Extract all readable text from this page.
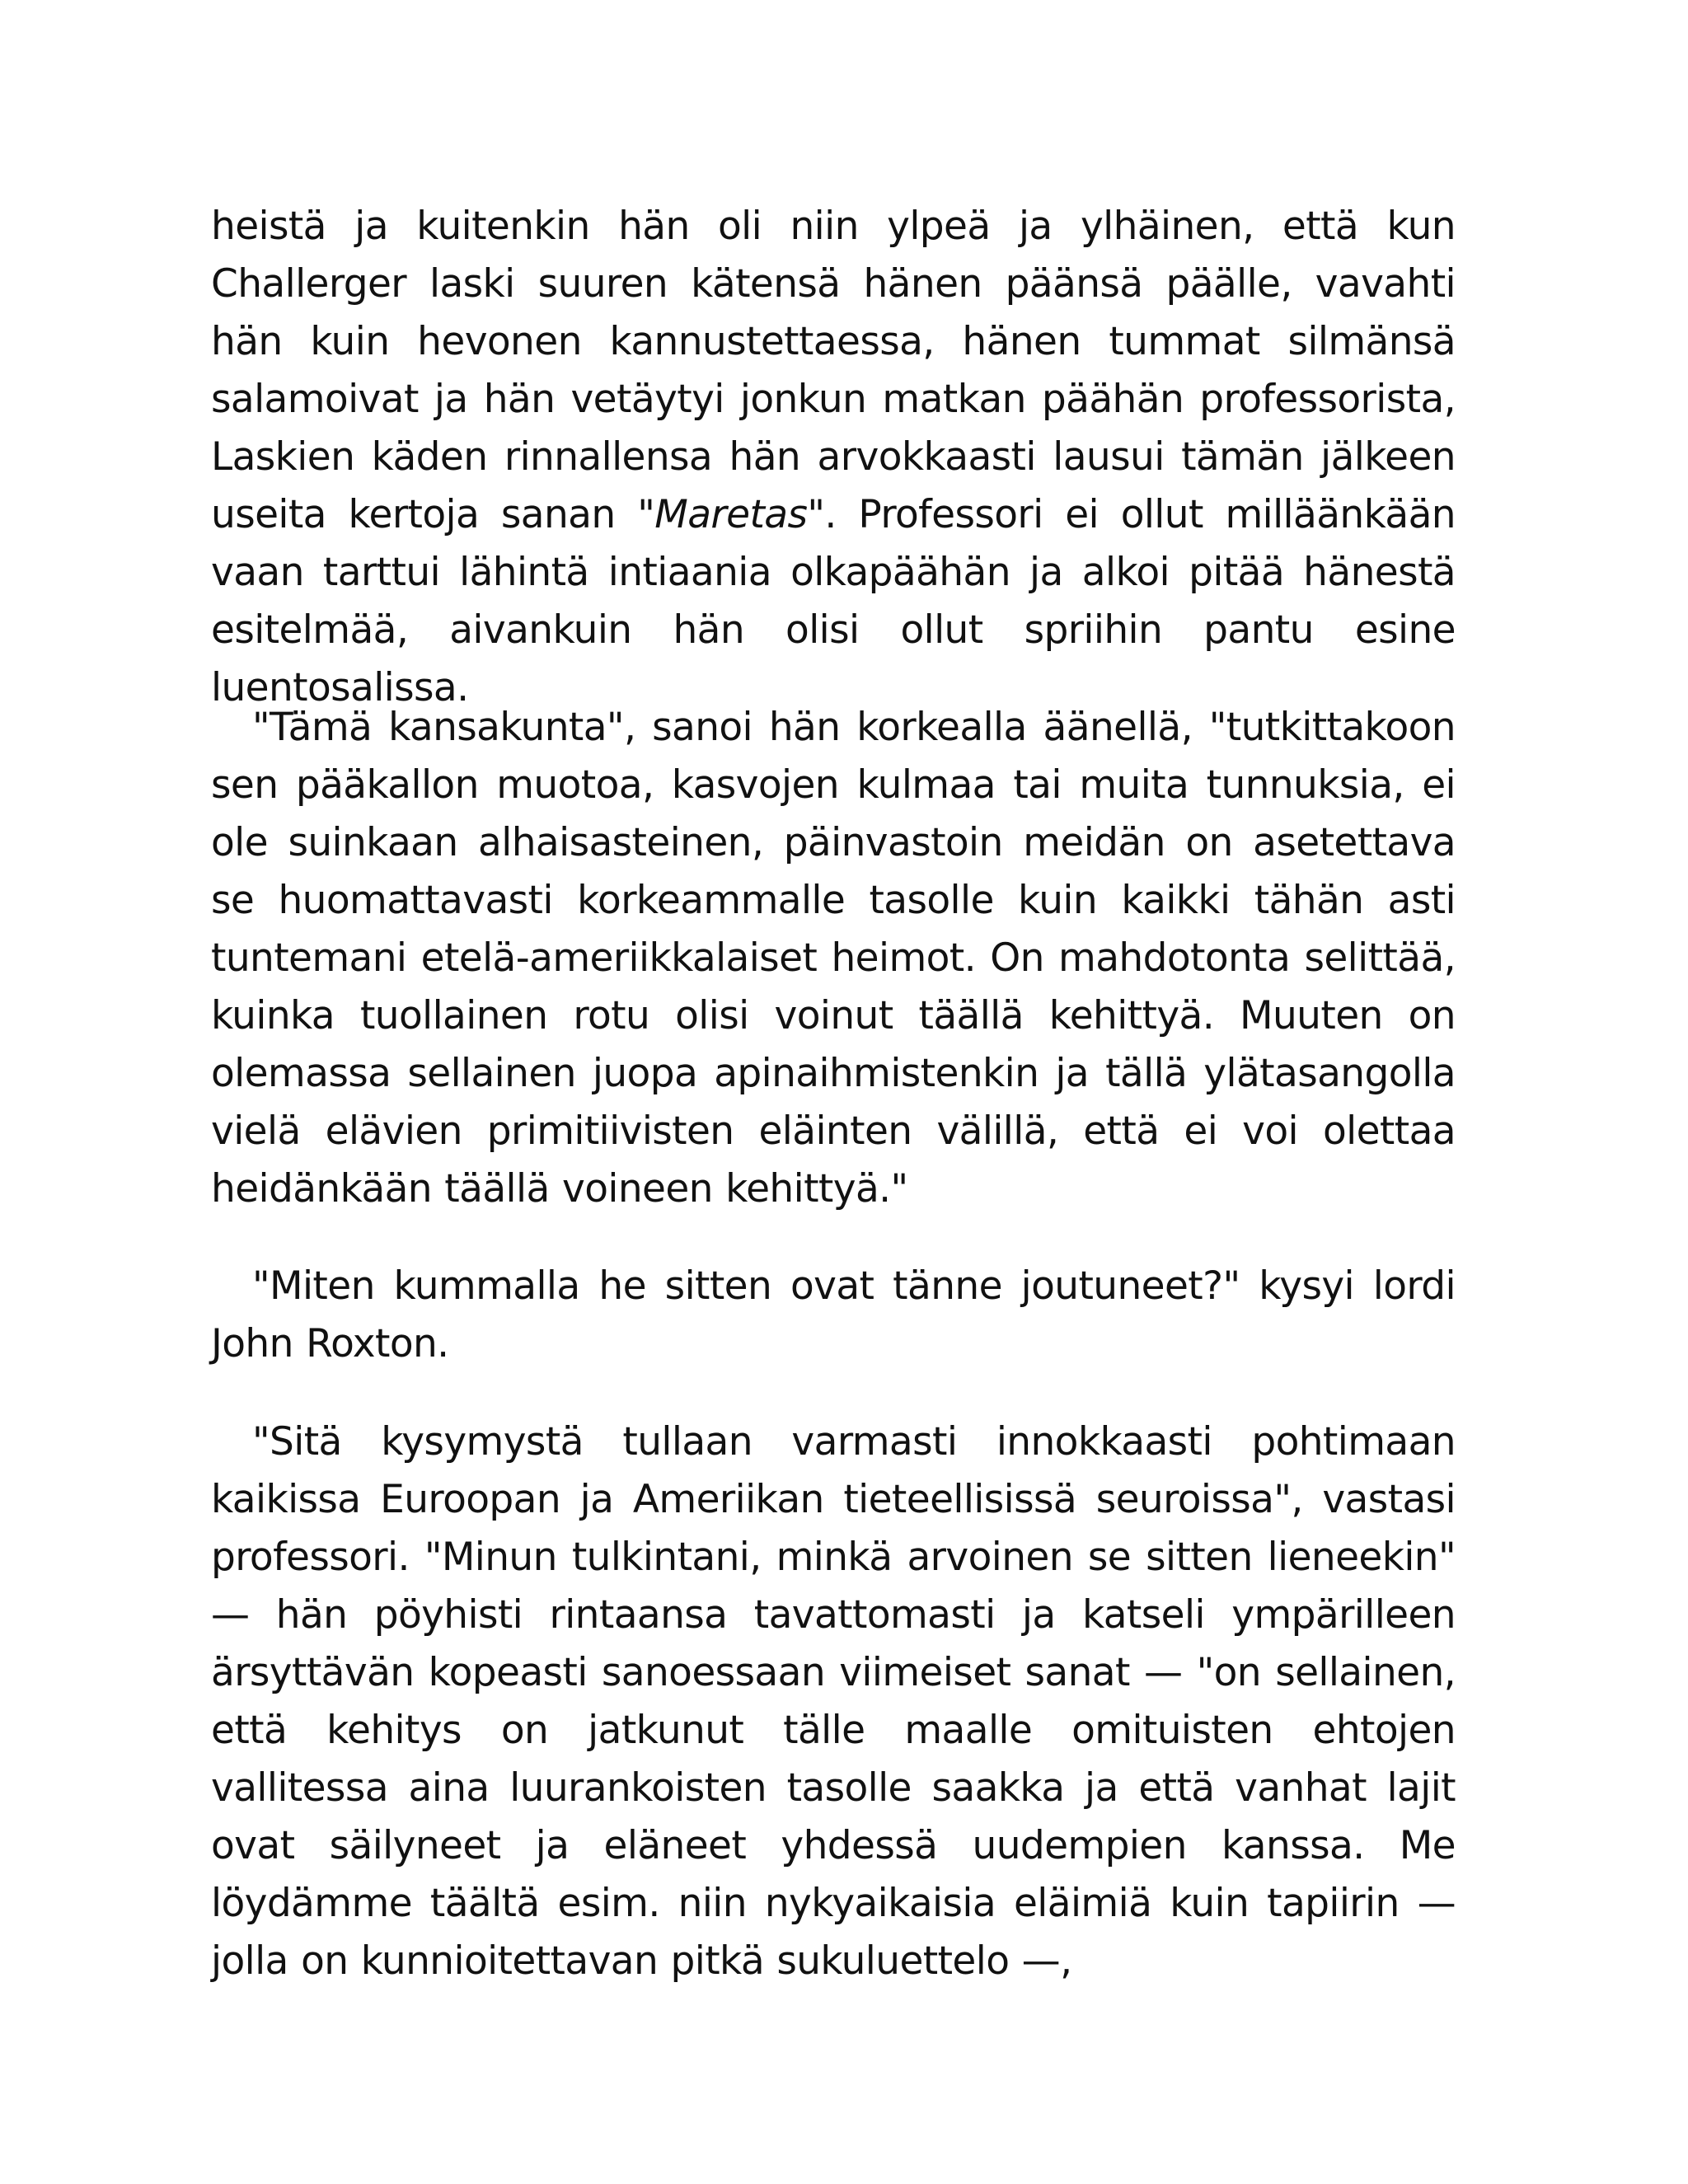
heistä ja kuitenkin hän oli niin ylpeä ja ylhäinen, että kun Challerger laski suuren kätensä hänen päänsä päälle, vavahti hän kuin hevonen kannustettaessa, hänen tummat silmänsä salamoivat ja hän vetäytyi jonkun matkan päähän professorista, Laskien käden rinnallensa hän arvokkaasti lausui tämän jälkeen useita kertoja sanan "Maretas". Professori ei ollut milläänkään vaan tarttui lähintä intiaania olkapäähän ja alkoi pitää hänestä esitelmää, aivankuin hän olisi ollut spriihin pantu esine luentosalissa.

"Tämä kansakunta", sanoi hän korkealla äänellä, "tutkittakoon sen pääkallon muotoa, kasvojen kulmaa tai muita tunnuksia, ei ole suinkaan alhaisasteinen, päinvastoin meidän on asetettava se huomattavasti korkeammalle tasolle kuin kaikki tähän asti tuntemani etelä-ameriikkalaiset heimot. On mahdotonta selittää, kuinka tuollainen rotu olisi voinut täällä kehittyä. Muuten on olemassa sellainen juopa apinaihmistenkin ja tällä ylätasangolla vielä elävien primitiivisten eläinten välillä, että ei voi olettaa heidänkään täällä voineen kehittyä."

"Miten kummalla he sitten ovat tänne joutuneet?" kysyi lordi John Roxton.

"Sitä kysymystä tullaan varmasti innokkaasti pohtimaan kaikissa Euroopan ja Ameriikan tieteellisissä seuroissa", vastasi professori. "Minun tulkintani, minkä arvoinen se sitten lieneekin" — hän pöyhisti rintaansa tavattomasti ja katseli ympärilleen ärsyttävän kopeasti sanoessaan viimeiset sanat — "on sellainen, että kehitys on jatkunut tälle maalle omituisten ehtojen vallitessa aina luurankoisten tasolle saakka ja että vanhat lajit ovat säilyneet ja eläneet yhdessä uudempien kanssa. Me löydämme täältä esim. niin nykyaikaisia eläimiä kuin tapiirin — jolla on kunnioitettavan pitkä sukuluettelo —,
